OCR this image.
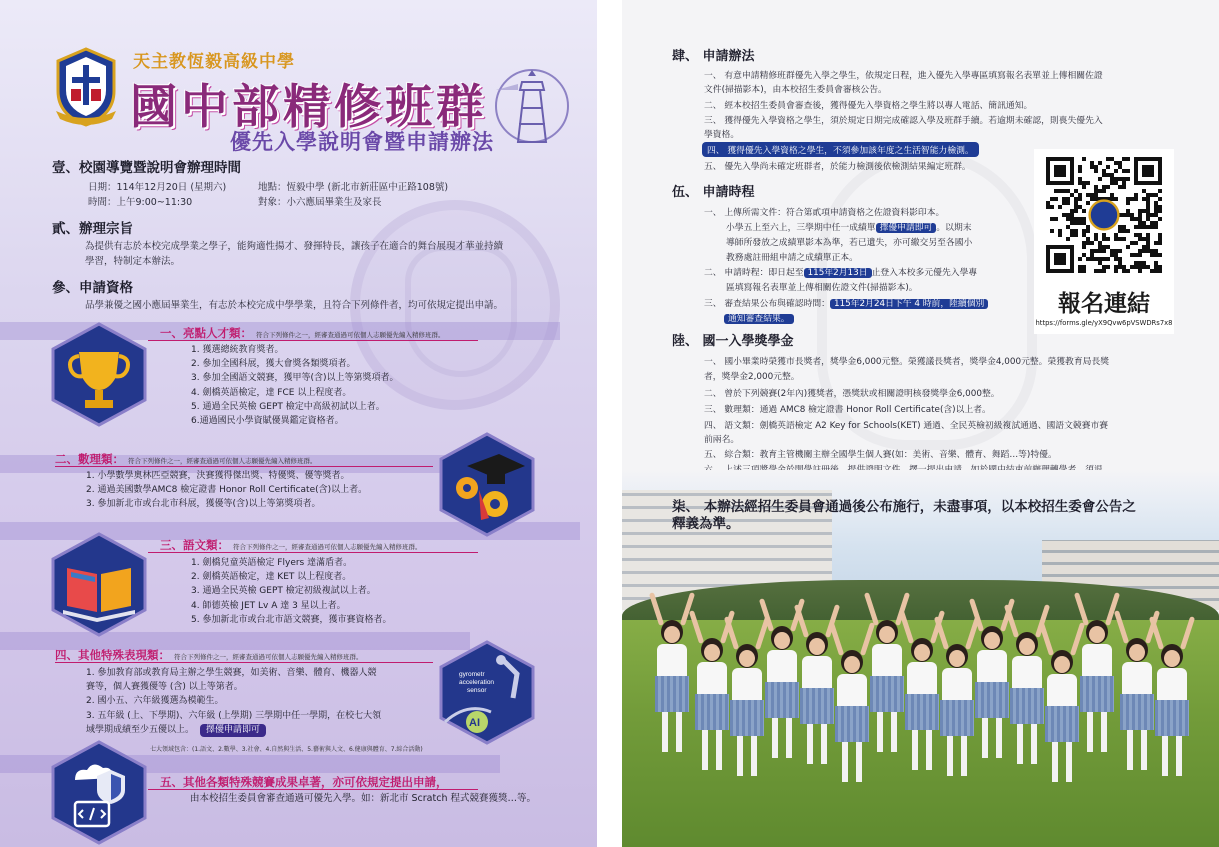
天主教恆毅高級中學
國中部精修班群
優先入學說明會暨申請辦法
壹、校園導覽暨說明會辦理時間
日期：114年12月20日 (星期六)
時間：上午9:00~11:30
地點：恆毅中學 (新北市新莊區中正路108號)
對象：小六應屆畢業生及家長
貳、辦理宗旨
為提供有志於本校完成學業之學子，能夠適性揚才、發揮特長，讓孩子在適合的舞台展現才華並持續
學習，特制定本辦法。
參、申請資格
品學兼優之國小應屆畢業生，有志於本校完成中學學業，且符合下列條件者，均可依規定提出申請。
一、亮點人才類： 符合下列條件之一，經審查通過可依個人志願優先編入精修班群。
1. 獲選總統教育獎者。
2. 參加全國科展，獲大會獎各類獎項者。
3. 參加全國語文競賽，獲甲等(含)以上等第獎項者。
4. 劍橋英語檢定，達 FCE 以上程度者。
5. 通過全民英檢 GEPT 檢定中高級初試以上者。
6.通過國民小學資賦優異鑑定資格者。
二、數理類： 符合下列條件之一，經審查通過可依個人志願優先編入精修班群。
1. 小學數學奧林匹亞競賽，決賽獲得傑出獎、特優獎、優等獎者。
2. 通過美國數學AMC8 檢定證書 Honor Roll Certificate(含)以上者。
3. 參加新北市或台北市科展，獲優等(含)以上等第獎項者。
三、語文類： 符合下列條件之一，經審查通過可依個人志願優先編入精修班群。
1. 劍橋兒童英語檢定 Flyers 達滿盾者。
2. 劍橋英語檢定，達 KET 以上程度者。
3. 通過全民英檢 GEPT 檢定初級複試以上者。
4. 師德英檢 JET Lv A 達 3 星以上者。
5. 參加新北市或台北市語文競賽，獲市賽資格者。
四、其他特殊表現類： 符合下列條件之一，經審查通過可依個人志願優先編入精修班群。
1. 參加教育部或教育局主辦之學生競賽，如美術、音樂、體育、機器人競
賽等，個人賽獲優等 (含) 以上等第者。
2. 國小五、六年級獲選為模範生。
3. 五年級 (上、下學期)、六年級 (上學期) 三學期中任一學期，在校七大領
域學期成績至少五優以上。 擇優申請即可
七大領域包含：(1.語文、2.數學、3.社會、4.自然與生活、5.藝術與人文、6.健康與體育、7.綜合活動)
AI
gyrometr
acceleration
sensor
五、其他各類特殊競賽成果卓著，亦可依規定提出申請，
由本校招生委員會審查通過可優先入學。如：新北市 Scratch 程式競賽獲獎…等。
肆、 申請辦法
一、 有意申請精修班群優先入學之學生，依規定日程，進入優先入學專區填寫報名表單並上傳相關佐證
文件(掃描影本)，由本校招生委員會審核公告。
二、 經本校招生委員會審查後，獲得優先入學資格之學生將以專人電話、簡訊通知。
三、 獲得優先入學資格之學生，須於規定日期完成確認入學及班群手續。若逾期未確認，則喪失優先入
學資格。
四、 獲得優先入學資格之學生，不須參加該年度之生活智能力檢測。
五、 優先入學尚未確定班群者，於能力檢測後依檢測結果編定班群。
伍、 申請時程
一、 上傳所需文件：符合第貳項申請資格之佐證資料影印本。
小學五上至六上，三學期中任一成績單 擇優申請即可 。以期末
導師所發放之成績單影本為準，若已遺失，亦可繳交另至各國小
教務處註冊組申請之成績單正本。
二、 申請時程：即日起至 115年2月13日 止登入本校多元優先入學專
區填寫報名表單並上傳相關佐證文件(掃描影本)。
三、 審查結果公布與確認時間： 115年2月24日下午 4 時前，陸續個別
通知審查結果。
報名連結
https://forms.gle/yX9Qvw6pVSWDRs7x8
陸、 國一入學獎學金
一、 國小畢業時榮獲市長獎者，獎學金6,000元整。榮獲議長獎者，獎學金4,000元整。榮獲教育局長獎
者，獎學金2,000元整。
二、 曾於下列競賽(2年內)獲獎者，憑獎狀或相關證明核發獎學金6,000整。
三、 數理類：通過 AMC8 檢定證書 Honor Roll Certificate(含)以上者。
四、 語文類：劍橋英語檢定 A2 Key for Schools(KET) 通過、全民英檢初級複試通過、國語文競賽市賽
前兩名。
五、 綜合類：教育主管機關主辦全國學生個人賽(如：美術、音樂、體育、舞蹈…等)特優。
柒、 本辦法經招生委員會通過後公布施行，未盡事項，以本校招生委會公告之
釋義為準。
